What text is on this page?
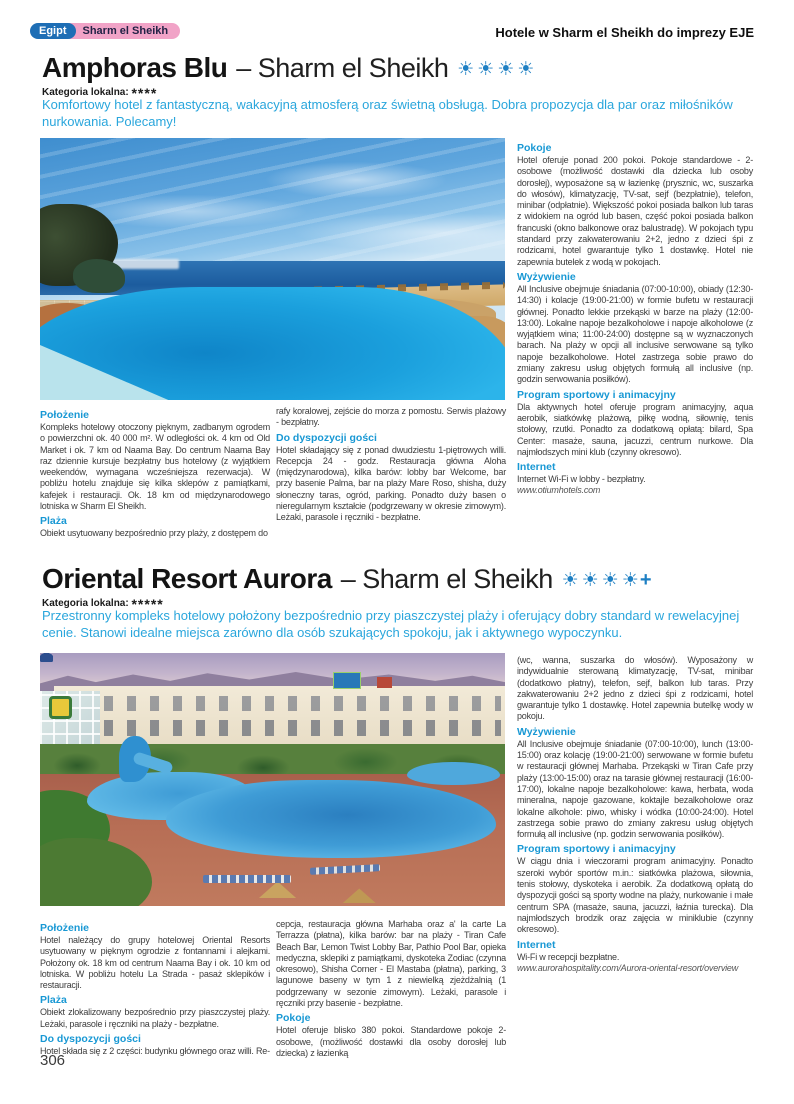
Egipt	Sharm el Sheikh	Hotele w Sharm el Sheikh do imprezy EJE
Amphoras Blu – Sharm el Sheikh ☀☀☀☀
Kategoria lokalna: ****

Komfortowy hotel z fantastyczną, wakacyjną atmosferą oraz świetną obsługą. Dobra propozycja dla par oraz miłośników nurkowania. Polecamy!

Pokoje

Hotel oferuje ponad 200 pokoi. Pokoje standardowe - 2-osobowe (możliwość dostawki dla dziecka lub osoby dorosłej), wyposażone są w łazienkę (prysznic, wc, suszarka do włosów), klimatyzację, TV-sat, sejf (bezpłatnie), telefon, minibar (odpłatnie). Większość pokoi posiada balkon lub taras z widokiem na ogród lub basen, część pokoi posiada balkon francuski (okno balkonowe oraz balustradę). W pokojach typu standard przy zakwaterowaniu 2+2, jedno z dzieci śpi z rodzicami, hotel gwarantuje tylko 1 dostawkę. Hotel nie zapewnia butelek z wodą w pokojach.

Wyżywienie

All Inclusive obejmuje śniadania (07:00-10:00), obiady (12:30-14:30) i kolacje (19:00-21:00) w formie bufetu w restauracji głównej. Ponadto lekkie przekąski w barze na plaży (12:00-13:00). Lokalne napoje bezalkoholowe i napoje alkoholowe (z wyjątkiem wina; 11:00-24:00) dostępne są w wyznaczonych barach. Na plaży w opcji all inclusive serwowane są tylko napoje bezalkoholowe. Hotel zastrzega sobie prawo do zmiany zakresu usług objętych formułą all inclusive (np. godzin serwowania posiłków).

Program sportowy i animacyjny

Dla aktywnych hotel oferuje program animacyjny, aqua aerobik, siatkówkę plażową, piłkę wodną, siłownię, tenis stołowy, rzutki. Ponadto za dodatkową opłatą: bilard, Spa Center: masaże, sauna, jacuzzi, centrum nurkowe. Dla najmłodszych mini klub (czynny okresowo).

Internet

Internet Wi-Fi w lobby - bezpłatny.

www.otiumhotels.com

Położenie

Kompleks hotelowy otoczony pięknym, zadbanym ogrodem o powierzchni ok. 40 000 m². W odległości ok. 4 km od Old Market i ok. 7 km od Naama Bay. Do centrum Naama Bay raz dziennie kursuje bezpłatny bus hotelowy (z wyjątkiem weekendów, wymagana wcześniejsza rezerwacja). W pobliżu hotelu znajduje się kilka sklepów z pamiątkami, kafejek i restauracji. Ok. 18 km od międzynarodowego lotniska w Sharm El Sheikh.

Plaża

Obiekt usytuowany bezpośrednio przy plaży, z dostępem do

rafy koralowej, zejście do morza z pomostu. Serwis plażowy - bezpłatny.

Do dyspozycji gości

Hotel składający się z ponad dwudziestu 1-piętrowych willi. Recepcja 24 - godz. Restauracja główna Aloha (międzynarodowa), kilka barów: lobby bar Welcome, bar przy basenie Palma, bar na plaży Mare Roso, shisha, duży słoneczny taras, ogród, parking. Ponadto duży basen o nieregularnym kształcie (podgrzewany w okresie zimowym). Leżaki, parasole i ręczniki - bezpłatne.

Oriental Resort Aurora – Sharm el Sheikh ☀☀☀☀+
Kategoria lokalna: *****

Przestronny kompleks hotelowy położony bezpośrednio przy piaszczystej plaży i oferujący dobry standard w rewelacyjnej cenie. Stanowi idealne miejsca zarówno dla osób szukających spokoju, jak i aktywnego wypoczynku.

(wc, wanna, suszarka do włosów). Wyposażony w indywidualnie sterowaną klimatyzację, TV-sat, minibar (dodatkowo płatny), telefon, sejf, balkon lub taras. Przy zakwaterowaniu 2+2 jedno z dzieci śpi z rodzicami, hotel gwarantuje tylko 1 dostawkę. Hotel zapewnia butelkę wody w pokoju.

Wyżywienie

All Inclusive obejmuje śniadanie (07:00-10:00), lunch (13:00-15:00) oraz kolację (19:00-21:00) serwowane w formie bufetu w restauracji głównej Marhaba. Przekąski w Tiran Cafe przy plaży (13:00-15:00) oraz na tarasie głównej restauracji (16:00-17:00), lokalne napoje bezalkoholowe: kawa, herbata, woda mineralna, napoje gazowane, koktajle bezalkoholowe oraz lokalne alkohole: piwo, whisky i wódka (10:00-24:00). Hotel zastrzega sobie prawo do zmiany zakresu usług objętych formułą all inclusive (np. godzin serwowania posiłków).

Program sportowy i animacyjny

W ciągu dnia i wieczorami program animacyjny. Ponadto szeroki wybór sportów m.in.: siatkówka plażowa, siłownia, tenis stołowy, dyskoteka i aerobik. Za dodatkową opłatą do dyspozycji gości są sporty wodne na plaży, nurkowanie i małe centrum SPA (masaże, sauna, jacuzzi, łaźnia turecka). Dla najmłodszych brodzik oraz zajęcia w miniklubie (czynny okresowo).

Internet

Wi-Fi w recepcji bezpłatne.

www.aurorahospitality.com/Aurora-oriental-resort/overview

Położenie

Hotel należący do grupy hotelowej Oriental Resorts usytuowany w pięknym ogrodzie z fontannami i alejkami. Położony ok. 18 km od centrum Naama Bay i ok. 10 km od lotniska. W pobliżu hotelu La Strada - pasaż sklepików i restauracji.

Plaża

Obiekt zlokalizowany bezpośrednio przy piaszczystej plaży. Leżaki, parasole i ręczniki na plaży - bezpłatne.

Do dyspozycji gości

Hotel składa się z 2 części: budynku głównego oraz willi. Re-

cepcja, restauracja główna Marhaba oraz a' la carte La Terrazza (płatna), kilka barów: bar na plaży - Tiran Cafe Beach Bar, Lemon Twist Lobby Bar, Pathio Pool Bar, opieka medyczna, sklepiki z pamiątkami, dyskoteka Zodiac (czynna okresowo), Shisha Corner - El Mastaba (płatna), parking, 3 lagunowe baseny w tym 1 z niewielką zjeżdżalnią (1 podgrzewany w sezonie zimowym). Leżaki, parasole i ręczniki przy basenie - bezpłatne.

Pokoje

Hotel oferuje blisko 380 pokoi. Standardowe pokoje 2-osobowe, (możliwość dostawki dla osoby dorosłej lub dziecka) z łazienką

306
